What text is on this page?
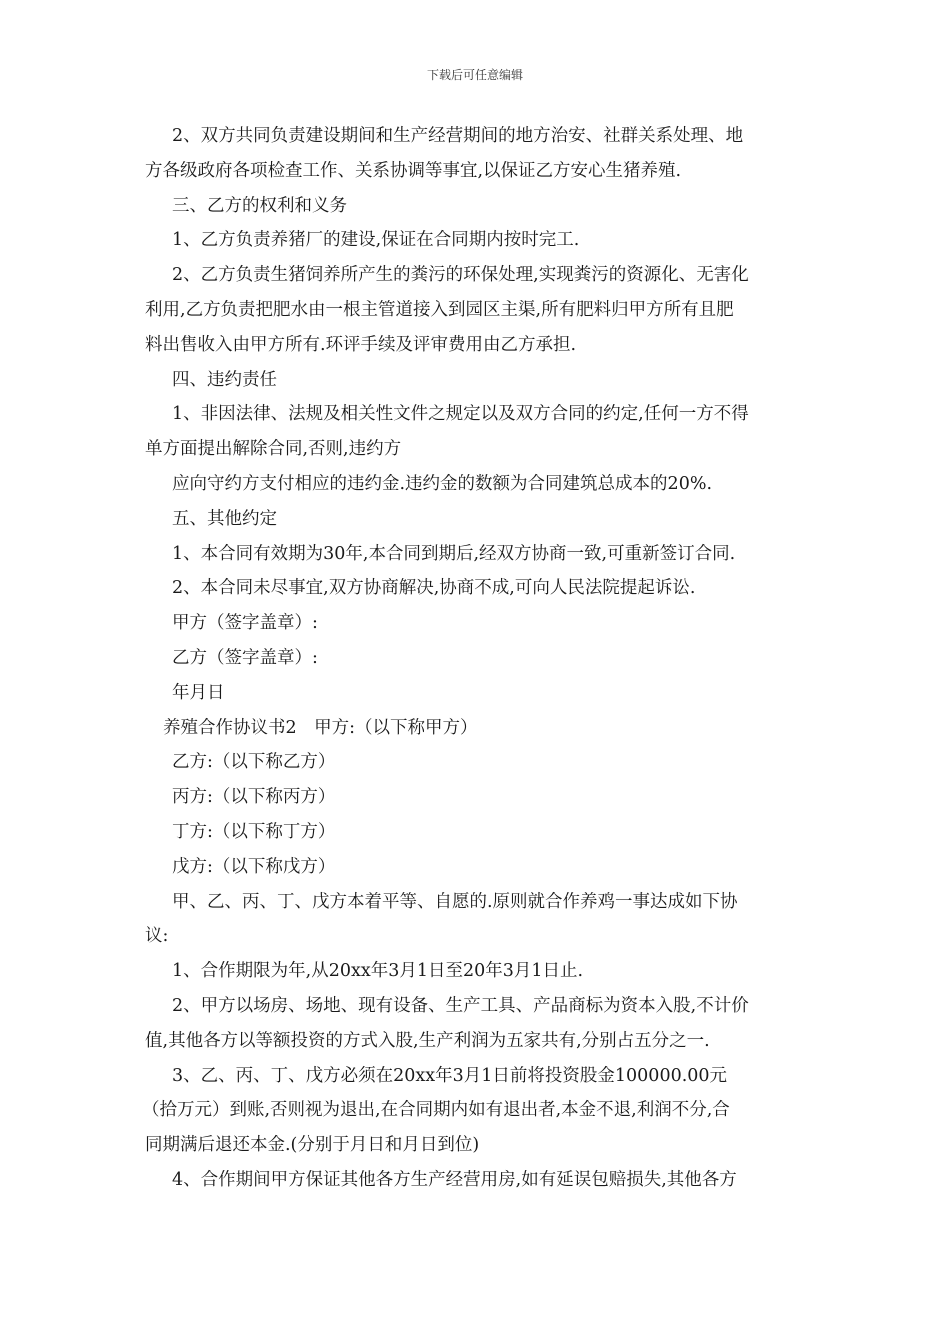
下载后可任意编辑
2、双方共同负责建设期间和生产经营期间的地方治安、社群关系处理、地
方各级政府各项检查工作、关系协调等事宜,以保证乙方安心生猪养殖.
三、乙方的权利和义务
1、乙方负责养猪厂的建设,保证在合同期内按时完工.
2、乙方负责生猪饲养所产生的粪污的环保处理,实现粪污的资源化、无害化
利用,乙方负责把肥水由一根主管道接入到园区主渠,所有肥料归甲方所有且肥
料出售收入由甲方所有.环评手续及评审费用由乙方承担.
四、违约责任
1、非因法律、法规及相关性文件之规定以及双方合同的约定,任何一方不得
单方面提出解除合同,否则,违约方
应向守约方支付相应的违约金.违约金的数额为合同建筑总成本的20%.
五、其他约定
1、本合同有效期为30年,本合同到期后,经双方协商一致,可重新签订合同.
2、本合同未尽事宜,双方协商解决,协商不成,可向人民法院提起诉讼.
甲方（签字盖章）:
乙方（签字盖章）:
年月日
养殖合作协议书2　甲方:（以下称甲方）
乙方:（以下称乙方）
丙方:（以下称丙方）
丁方:（以下称丁方）
戊方:（以下称戊方）
甲、乙、丙、丁、戊方本着平等、自愿的.原则就合作养鸡一事达成如下协
议:
1、合作期限为年,从20xx年3月1日至20年3月1日止.
2、甲方以场房、场地、现有设备、生产工具、产品商标为资本入股,不计价
值,其他各方以等额投资的方式入股,生产利润为五家共有,分别占五分之一.
3、乙、丙、丁、戊方必须在20xx年3月1日前将投资股金100000.00元
（拾万元）到账,否则视为退出,在合同期内如有退出者,本金不退,利润不分,合
同期满后退还本金.(分别于月日和月日到位)
4、合作期间甲方保证其他各方生产经营用房,如有延误包赔损失,其他各方
